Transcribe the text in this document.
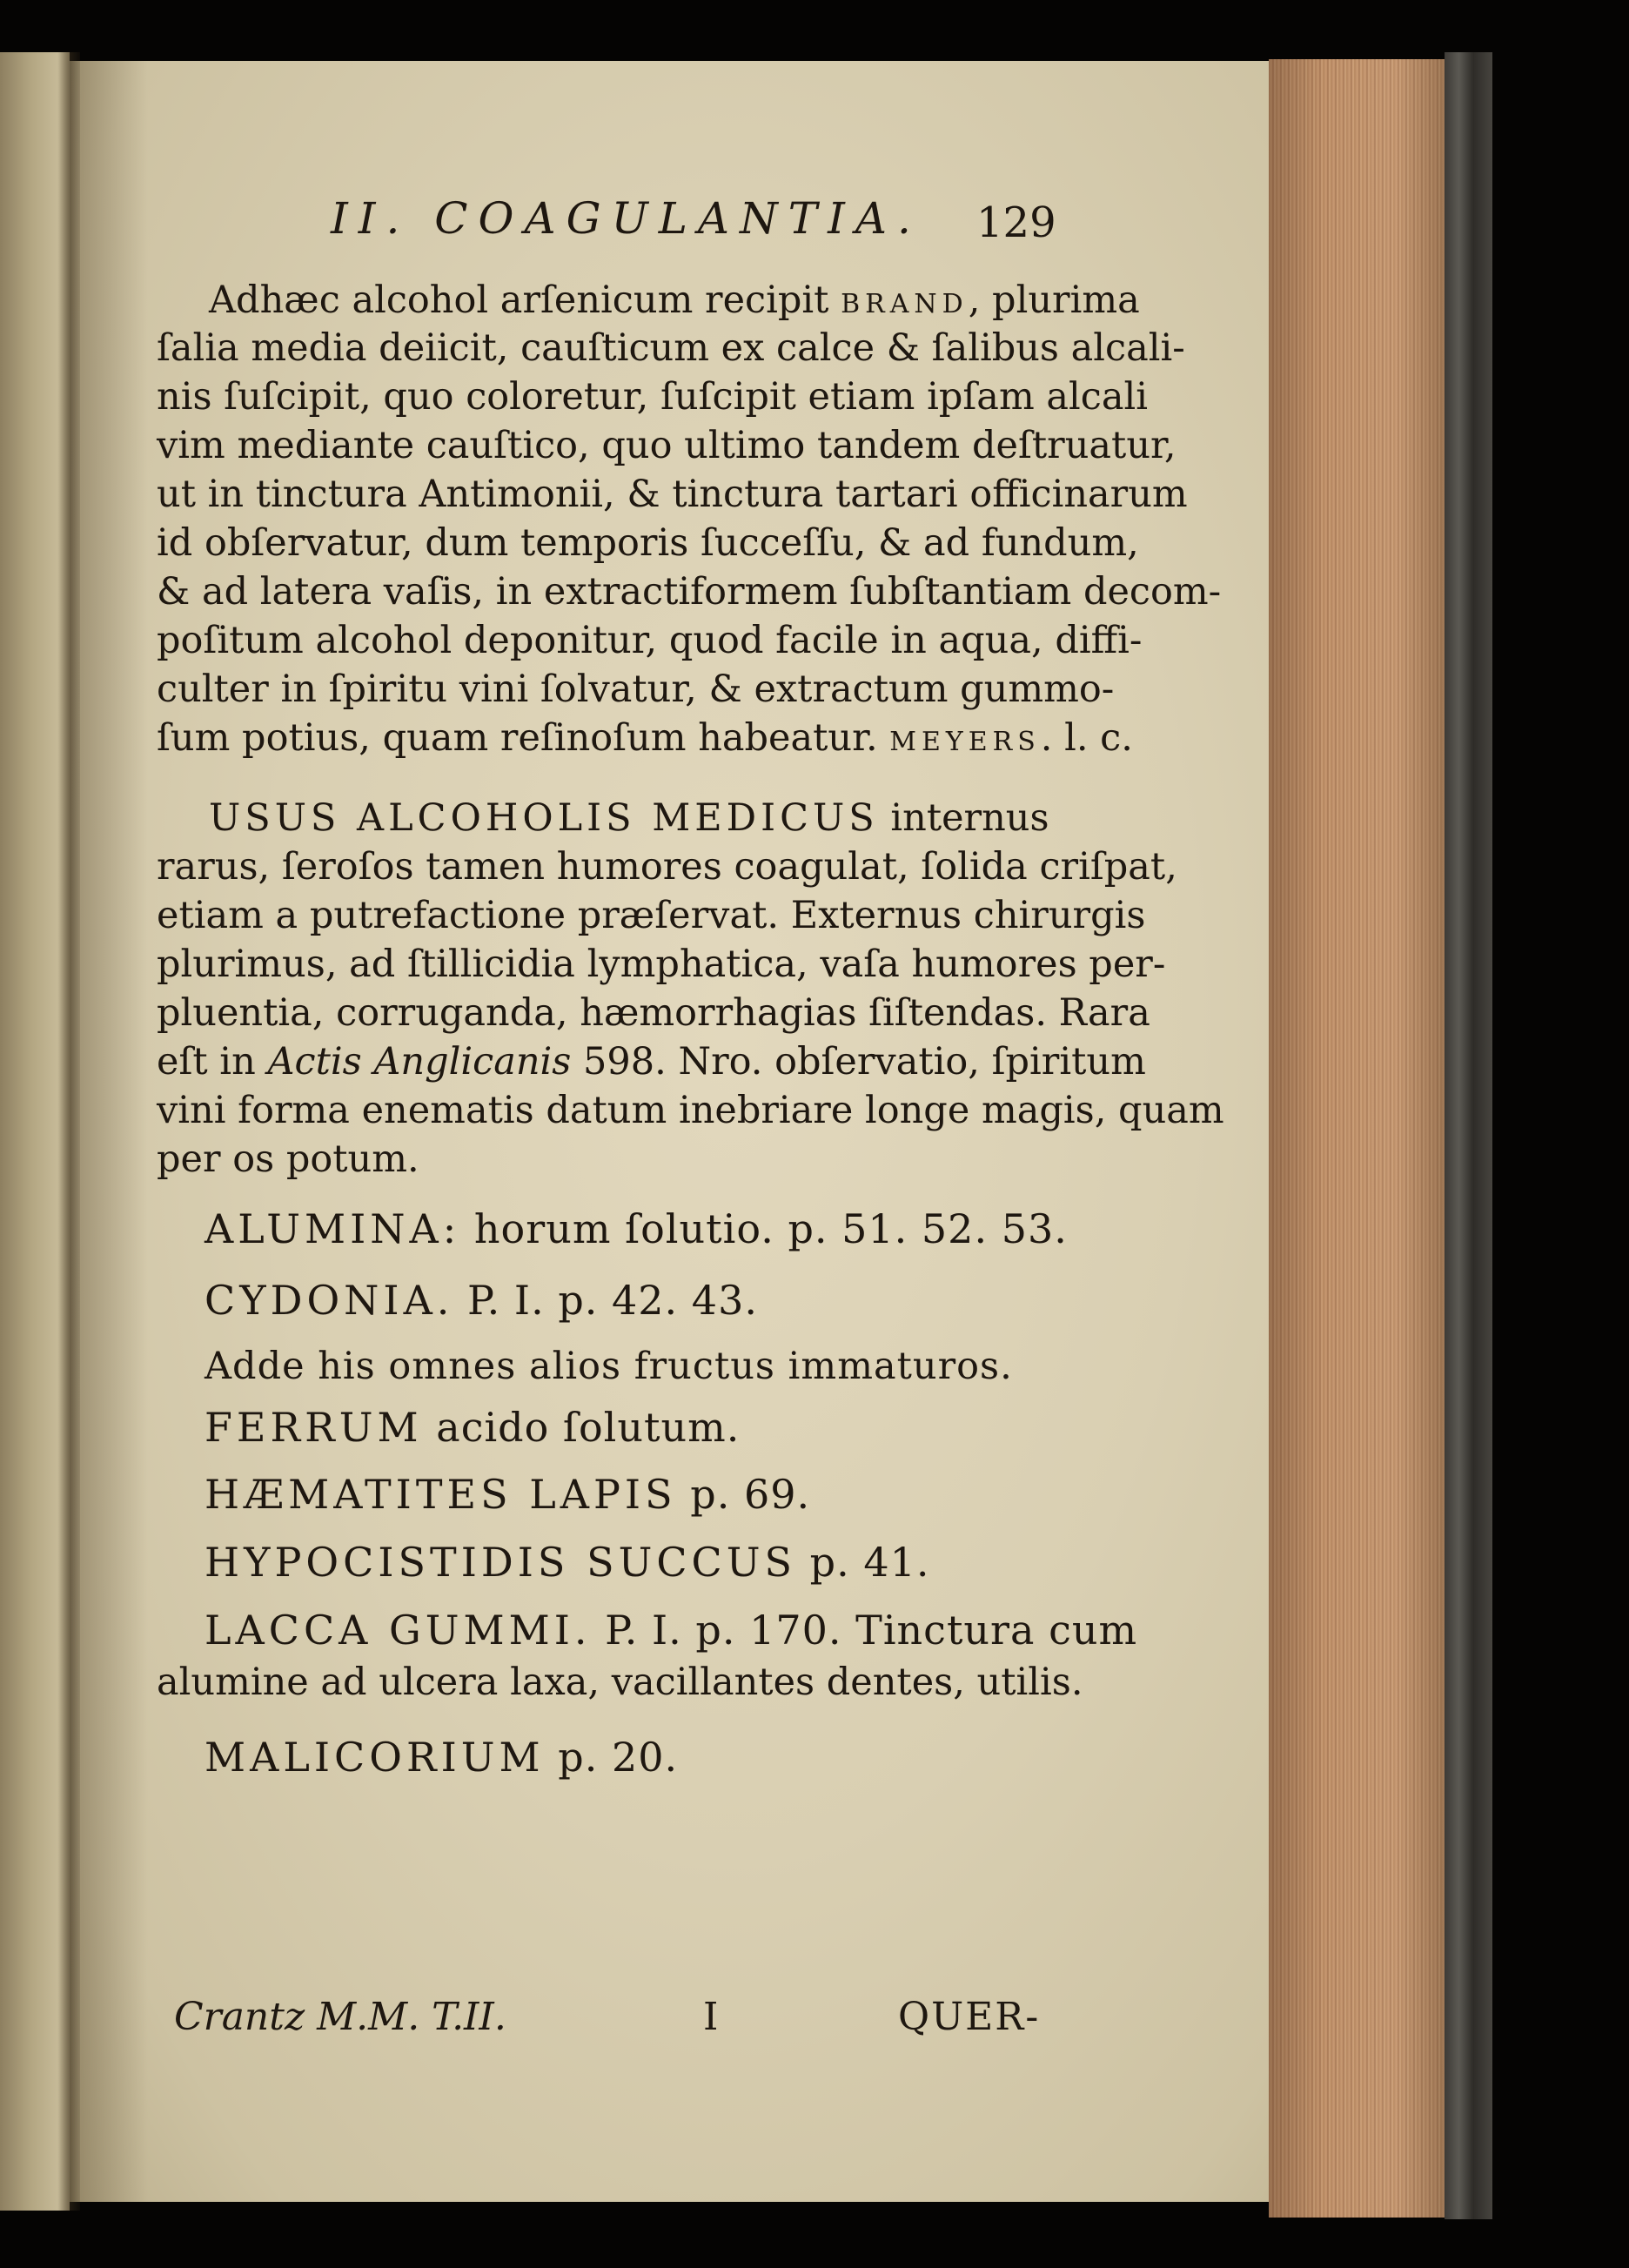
II. COAGULANTIA. 129

Adhæc alcohol arſenicum recipit BRAND, plurima

ſalia media deiicit, cauſticum ex calce & ſalibus alcali-

nis ſuſcipit, quo coloretur, ſuſcipit etiam ipſam alcali

vim mediante cauſtico, quo ultimo tandem deſtruatur,

ut in tinctura Antimonii, & tinctura tartari officinarum

id obſervatur, dum temporis ſucceſſu, & ad fundum,

& ad latera vaſis, in extractiformem ſubſtantiam decom-

poſitum alcohol deponitur, quod facile in aqua, diffi-

culter in ſpiritu vini ſolvatur, & extractum gummo-

ſum potius, quam reſinoſum habeatur. MEYERS. l. c.

USUS ALCOHOLIS MEDICUS internus

rarus, ſeroſos tamen humores coagulat, ſolida criſpat,

etiam a putrefactione præſervat. Externus chirurgis

plurimus, ad ſtillicidia lymphatica, vaſa humores per-

pluentia, corruganda, hæmorrhagias ſiſtendas. Rara

eſt in Actis Anglicanis 598. Nro. obſervatio, ſpiritum

vini forma enematis datum inebriare longe magis, quam

per os potum.

ALUMINA: horum ſolutio. p. 51. 52. 53.

CYDONIA. P. I. p. 42. 43.

Adde his omnes alios fructus immaturos.

FERRUM acido ſolutum.

HÆMATITES LAPIS p. 69.

HYPOCISTIDIS SUCCUS p. 41.

LACCA GUMMI. P. I. p. 170. Tinctura cum

alumine ad ulcera laxa, vacillantes dentes, utilis.

MALICORIUM p. 20.

Crantz M.M. T.II.	I	QUER-
